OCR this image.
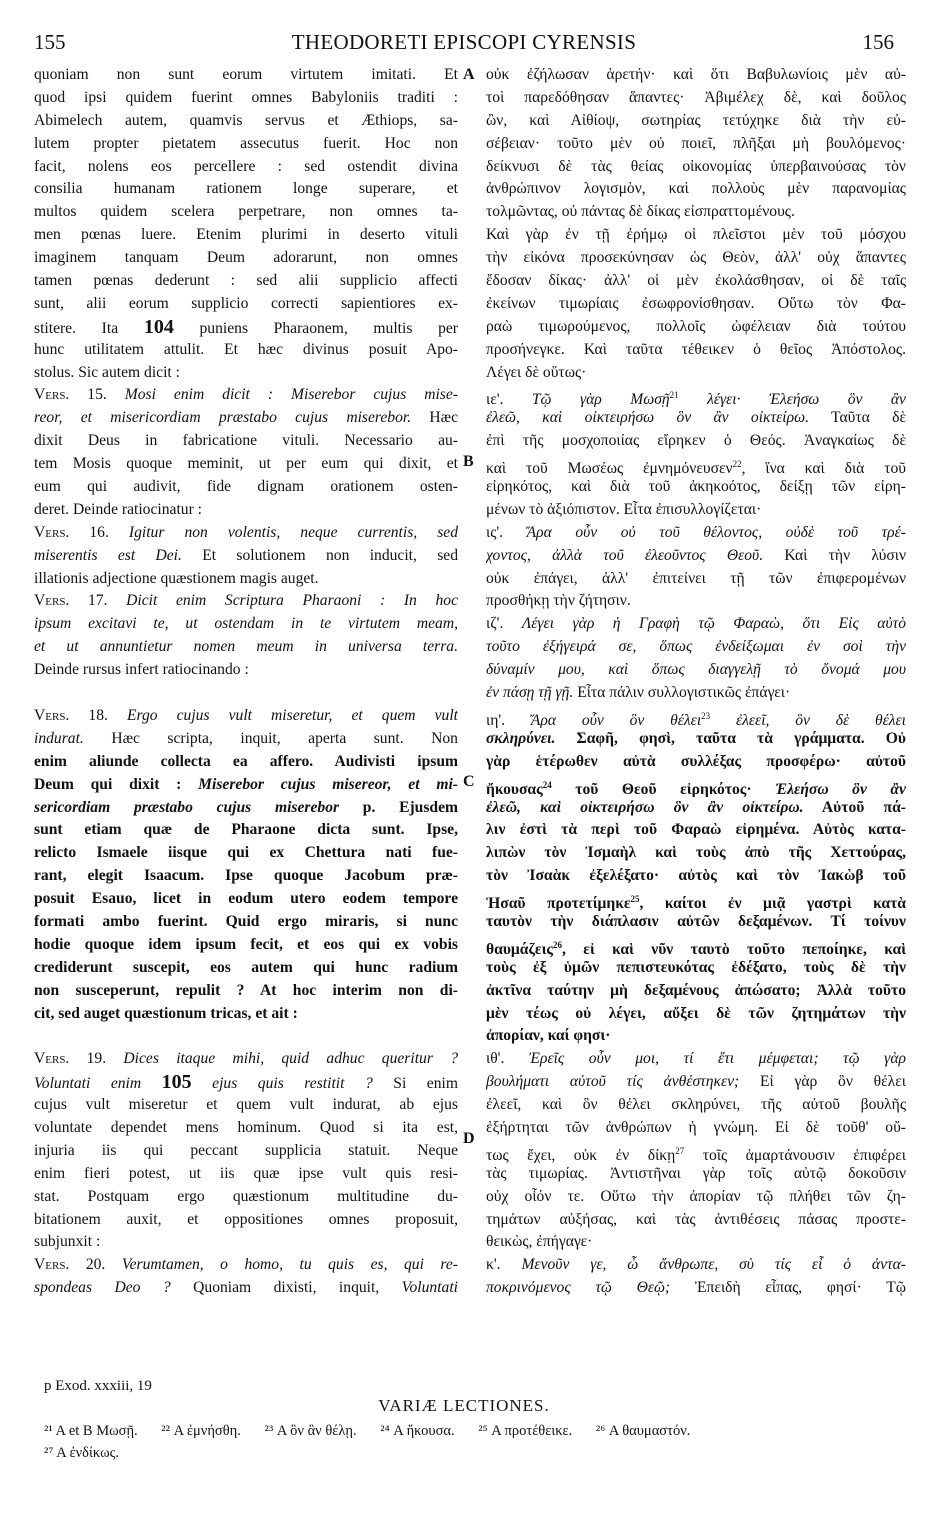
155	THEODORETI EPISCOPI CYRENSIS	156
A
B
C
D
quoniam non sunt eorum virtutem imitati. Et
quod ipsi quidem fuerint omnes Babyloniis traditi :
Abimelech autem, quamvis servus et Æthiops, sa-
lutem propter pietatem assecutus fuerit. Hoc non
facit, nolens eos percellere : sed ostendit divina
consilia humanam rationem longe superare, et
multos quidem scelera perpetrare, non omnes ta-
men pœnas luere. Etenim plurimi in deserto vituli
imaginem tanquam Deum adorarunt, non omnes
tamen pœnas dederunt : sed alii supplicio affecti
sunt, alii eorum supplicio correcti sapientiores ex-
stitere. Ita 104 puniens Pharaonem, multis per
hunc utilitatem attulit. Et hæc divinus posuit Apo-
stolus. Sic autem dicit :
Vers. 15. Mosi enim dicit : Miserebor cujus mise-
reor, et misericordiam præstabo cujus miserebor. Hæc
dixit Deus in fabricatione vituli. Necessario au-
tem Mosis quoque meminit, ut per eum qui dixit, et
eum qui audivit, fide dignam orationem osten-
deret. Deinde ratiocinatur :
Vers. 16. Igitur non volentis, neque currentis, sed
miserentis est Dei. Et solutionem non inducit, sed
illationis adjectione quæstionem magis auget.
Vers. 17. Dicit enim Scriptura Pharaoni : In hoc
ipsum excitavi te, ut ostendam in te virtutem meam,
et ut annuntietur nomen meum in universa terra.
Deinde rursus infert ratiocinando :
Vers. 18. Ergo cujus vult miseretur, et quem vult
indurat. Hæc scripta, inquit, aperta sunt. Non
enim aliunde collecta ea affero. Audivisti ipsum
Deum qui dixit : Miserebor cujus misereor, et mi-
sericordiam præstabo cujus miserebor p. Ejusdem
sunt etiam quæ de Pharaone dicta sunt. Ipse,
relicto Ismaele iisque qui ex Chettura nati fue-
rant, elegit Isaacum. Ipse quoque Jacobum præ-
posuit Esauo, licet in eodum utero eodem tempore
formati ambo fuerint. Quid ergo miraris, si nunc
hodie quoque idem ipsum fecit, et eos qui ex vobis
crediderunt suscepit, eos autem qui hunc radium
non susceperunt, repulit ? At hoc interim non di-
cit, sed auget quæstionum tricas, et ait :
Vers. 19. Dices itaque mihi, quid adhuc queritur ?
Voluntati enim 105 ejus quis restitit ? Si enim
cujus vult miseretur et quem vult indurat, ab ejus
voluntate dependet mens hominum. Quod si ita est,
injuria iis qui peccant supplicia statuit. Neque
enim fieri potest, ut iis quæ ipse vult quis resi-
stat. Postquam ergo quæstionum multitudine du-
bitationem auxit, et oppositiones omnes proposuit,
subjunxit :
Vers. 20. Verumtamen, o homo, tu quis es, qui re-
spondeas Deo ? Quoniam dixisti, inquit, Voluntati
οὐκ ἐζήλωσαν ἀρετήν· καὶ ὅτι Βαβυλωνίοις μὲν αὐ-
τοὶ παρεδόθησαν ἅπαντες· Ἀβιμέλεχ δὲ, καὶ δοῦλος
ὢν, καὶ Αἰθίοψ, σωτηρίας τετύχηκε διὰ τὴν εὐ-
σέβειαν· τοῦτο μὲν οὐ ποιεῖ, πλῆξαι μὴ βουλόμενος·
δείκνυσι δὲ τὰς θείας οἰκονομίας ὑπερβαινούσας τὸν
ἀνθρώπινον λογισμὸν, καὶ πολλοὺς μὲν παρανομίας
τολμῶντας, οὐ πάντας δὲ δίκας εἰσπραττομένους.
Καὶ γὰρ ἐν τῇ ἐρήμῳ οἱ πλεῖστοι μὲν τοῦ μόσχου
τὴν εἰκόνα προσεκύνησαν ὡς Θεὸν, ἀλλ' οὐχ ἅπαντες
ἔδοσαν δίκας· ἀλλ' οἱ μὲν ἐκολάσθησαν, οἱ δὲ ταῖς
ἐκείνων τιμωρίαις ἐσωφρονίσθησαν. Οὕτω τὸν Φα-
ραὼ τιμωρούμενος, πολλοῖς ὠφέλειαν διὰ τούτου
προσήνεγκε. Καὶ ταῦτα τέθεικεν ὁ θεῖος Ἀπόστολος.
Λέγει δὲ οὕτως·
ιε'. Τῷ γὰρ Μωσῇ$^{21}$ λέγει· Ἐλεήσω ὃν ἂν
ἐλεῶ, καὶ οἰκτειρήσω ὃν ἂν οἰκτείρω. Ταῦτα δὲ
ἐπὶ τῆς μοσχοποιίας εἴρηκεν ὁ Θεός. Ἀναγκαίως δὲ
καὶ τοῦ Μωσέως ἐμνημόνευσεν$^{22}$, ἵνα καὶ διὰ τοῦ
εἰρηκότος, καὶ διὰ τοῦ ἀκηκοότος, δείξῃ τῶν εἰρη-
μένων τὸ ἀξιόπιστον. Εἶτα ἐπισυλλογίζεται·
ις'. Ἄρα οὖν οὐ τοῦ θέλοντος, οὐδὲ τοῦ τρέ-
χοντος, ἀλλὰ τοῦ ἐλεοῦντος Θεοῦ. Καὶ τὴν λύσιν
οὐκ ἐπάγει, ἀλλ' ἐπιτείνει τῇ τῶν ἐπιφερομένων
προσθήκῃ τὴν ζήτησιν.
ιζ'. Λέγει γὰρ ἡ Γραφὴ τῷ Φαραὼ, ὅτι Εἰς αὐτὸ
τοῦτο ἐξήγειρά σε, ὅπως ἐνδείξωμαι ἐν σοὶ τὴν
δύναμίν μου, καὶ ὅπως διαγγελῇ τὸ ὄνομά μου
ἐν πάσῃ τῇ γῇ. Εἶτα πάλιν συλλογιστικῶς ἐπάγει·
ιη'. Ἄρα οὖν ὃν θέλει$^{23}$ ἐλεεῖ, ὃν δὲ θέλει
σκληρύνει. Σαφῆ, φησὶ, ταῦτα τὰ γράμματα. Οὐ
γὰρ ἑτέρωθεν αὐτὰ συλλέξας προσφέρω· αὐτοῦ
ἤκουσας$^{24}$ τοῦ Θεοῦ εἰρηκότος· Ἐλεήσω ὃν ἂν
ἐλεῶ, καὶ οἰκτειρήσω ὃν ἂν οἰκτείρω. Αὐτοῦ πά-
λιν ἐστὶ τὰ περὶ τοῦ Φαραὼ εἰρημένα. Αὐτὸς κατα-
λιπὼν τὸν Ἰσμαὴλ καὶ τοὺς ἀπὸ τῆς Χεττούρας,
τὸν Ἰσαὰκ ἐξελέξατο· αὐτὸς καὶ τὸν Ἰακὼβ τοῦ
Ἡσαῦ προτετίμηκε$^{25}$, καίτοι ἐν μιᾷ γαστρὶ κατὰ
ταυτὸν τὴν διάπλασιν αὐτῶν δεξαμένων. Τί τοίνυν
θαυμάζεις$^{26}$, εἰ καὶ νῦν ταυτὸ τοῦτο πεποίηκε, καὶ
τοὺς ἐξ ὑμῶν πεπιστευκότας ἐδέξατο, τοὺς δὲ τὴν
ἀκτῖνα ταύτην μὴ δεξαμένους ἀπώσατο; Ἀλλὰ τοῦτο
μὲν τέως οὐ λέγει, αὔξει δὲ τῶν ζητημάτων τὴν
ἀπορίαν, καί φησι·
ιθ'. Ἐρεῖς οὖν μοι, τί ἔτι μέμφεται; τῷ γὰρ
βουλήματι αὐτοῦ τίς ἀνθέστηκεν; Εἰ γὰρ ὃν θέλει
ἐλεεῖ, καὶ ὃν θέλει σκληρύνει, τῆς αὐτοῦ βουλῆς
ἐξήρτηται τῶν ἀνθρώπων ἡ γνώμη. Εἰ δὲ τοῦθ' οὔ-
τως ἔχει, οὐκ ἐν δίκῃ$^{27}$ τοῖς ἁμαρτάνουσιν ἐπιφέρει
τὰς τιμωρίας. Ἀντιστῆναι γὰρ τοῖς αὐτῷ δοκοῦσιν
οὐχ οἷόν τε. Οὕτω τὴν ἀπορίαν τῷ πλήθει τῶν ζη-
τημάτων αὐξήσας, καὶ τὰς ἀντιθέσεις πάσας προστε-
θεικὼς, ἐπήγαγε·
κ'. Μενοῦν γε, ὦ ἄνθρωπε, σὺ τίς εἶ ὁ ἀντα-
ποκρινόμενος τῷ Θεῷ; Ἐπειδὴ εἶπας, φησί· Τῷ
p Exod. xxxiii, 19
VARIÆ LECTIONES.
²¹ A et B Μωσῇ. ²² A ἐμνήσθη. ²³ A ὃν ἂν θέλῃ. ²⁴ A ἤκουσα. ²⁵ A προτέθεικε. ²⁶ A θαυμαστόν.
²⁷ A ἐνδίκως.
